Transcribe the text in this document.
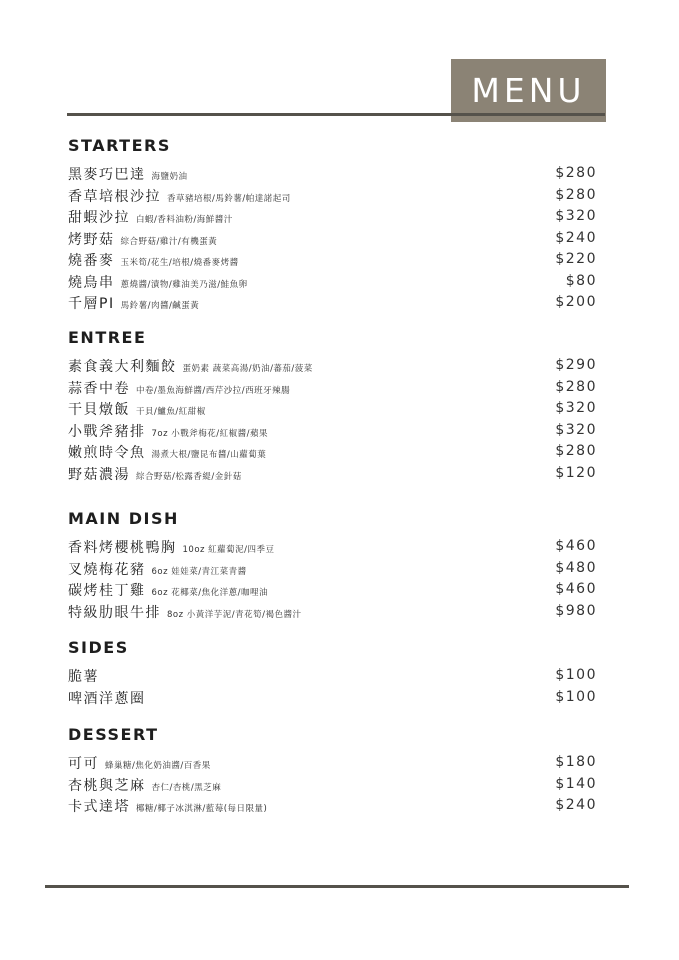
MENU
STARTERS
黑麥巧巴達 海鹽奶油	$280
香草培根沙拉 香草豬培根/馬鈴薯/帕達諾起司	$280
甜蝦沙拉 白蝦/香料油粉/海鮮醬汁	$320
烤野菇 綜合野菇/雞汁/有機蛋黃	$240
燒番麥 玉米筍/花生/培根/燒番麥烤醬	$220
燒鳥串 蔥燒醬/漬物/雞油美乃滋/鮭魚卵	$80
千層PI 馬鈴薯/肉醬/鹹蛋黃	$200
ENTREE
素食義大利麵餃 蛋奶素 蔬菜高湯/奶油/蕃茄/菠菜	$290
蒜香中卷 中卷/墨魚海鮮醬/西芹沙拉/西班牙辣腸	$280
干貝燉飯 干貝/鱸魚/紅甜椒	$320
小戰斧豬排 7oz 小戰斧梅花/紅椒醬/蘋果	$320
嫩煎時令魚 湯煮大根/鹽昆布醬/山蘿蔔葉	$280
野菇濃湯 綜合野菇/松露香緹/金針菇	$120
MAIN DISH
香料烤櫻桃鴨胸 10oz 紅蘿蔔泥/四季豆	$460
叉燒梅花豬 6oz 娃娃菜/青江菜青醬	$480
碳烤桂丁雞 6oz 花椰菜/焦化洋蔥/咖哩油	$460
特級肋眼牛排 8oz 小黃洋芋泥/青花筍/褐色醬汁	$980
SIDES
脆薯	$100
啤酒洋蔥圈	$100
DESSERT
可可 蜂巢糖/焦化奶油醬/百香果	$180
杏桃與芝麻 杏仁/杏桃/黑芝麻	$140
卡式達塔 椰糖/椰子冰淇淋/藍莓(每日限量)	$240
